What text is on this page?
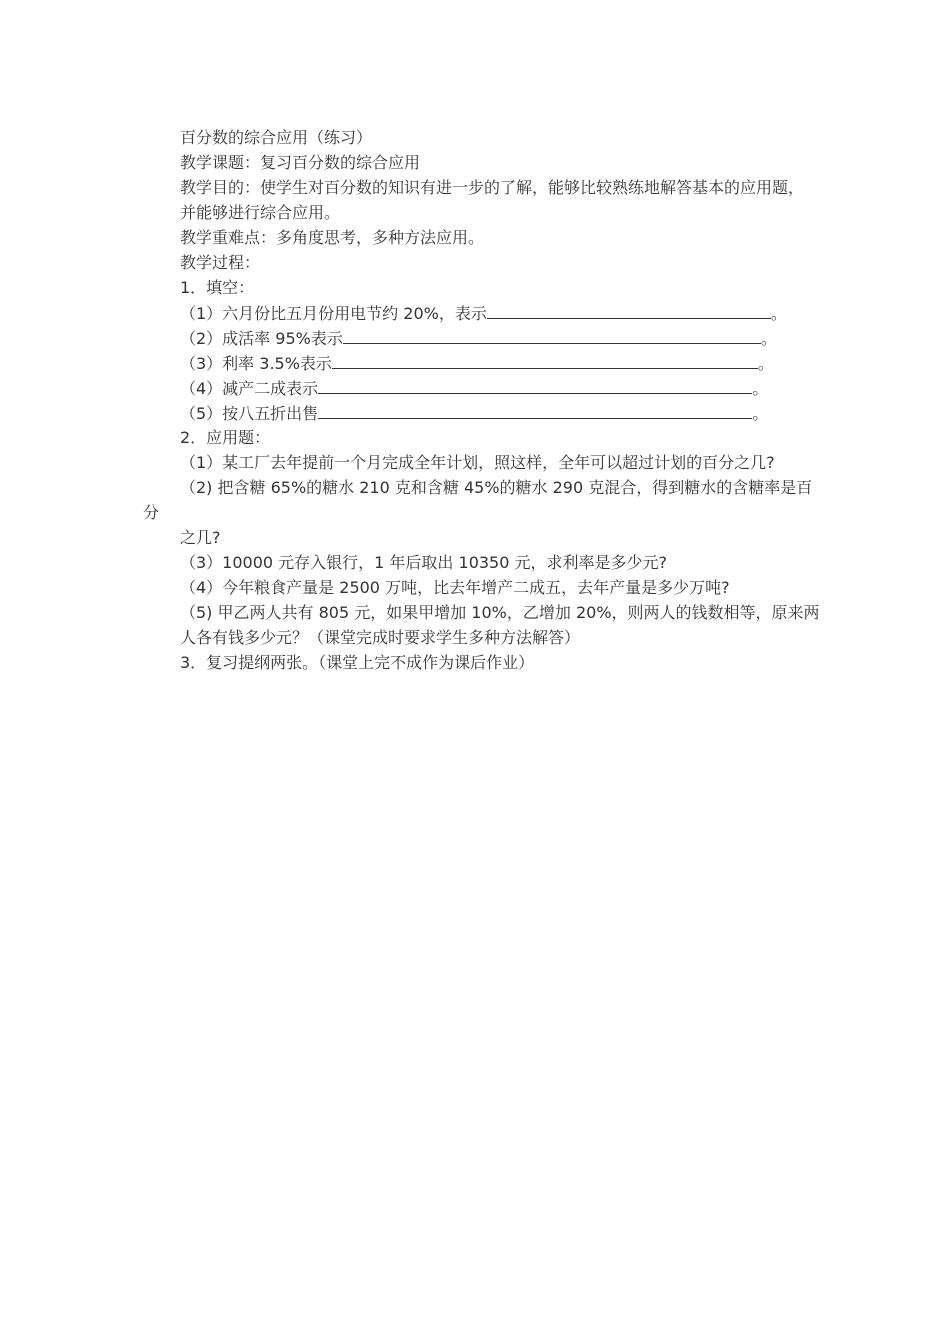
百分数的综合应用（练习）
教学课题：复习百分数的综合应用
教学目的：使学生对百分数的知识有进一步的了解，能够比较熟练地解答基本的应用题，
并能够进行综合应用。
教学重难点：多角度思考，多种方法应用。
教学过程：
1．填空：
（1）六月份比五月份用电节约 20%，表示	。
（2）成活率 95%表示	。
（3）利率 3.5%表示	。
（4）减产二成表示	。
（5）按八五折出售	。
2．应用题：
（1）某工厂去年提前一个月完成全年计划，照这样，全年可以超过计划的百分之几?
（2) 把含糖 65%的糖水 210 克和含糖 45%的糖水 290 克混合，得到糖水的含糖率是百
分
之几?
（3）10000 元存入银行，1 年后取出 10350 元，求利率是多少元?
（4）今年粮食产量是 2500 万吨，比去年增产二成五，去年产量是多少万吨?
（5) 甲乙两人共有 805 元，如果甲增加 10%，乙增加 20%，则两人的钱数相等，原来两
人各有钱多少元？（课堂完成时要求学生多种方法解答）
3．复习提纲两张。（课堂上完不成作为课后作业）
